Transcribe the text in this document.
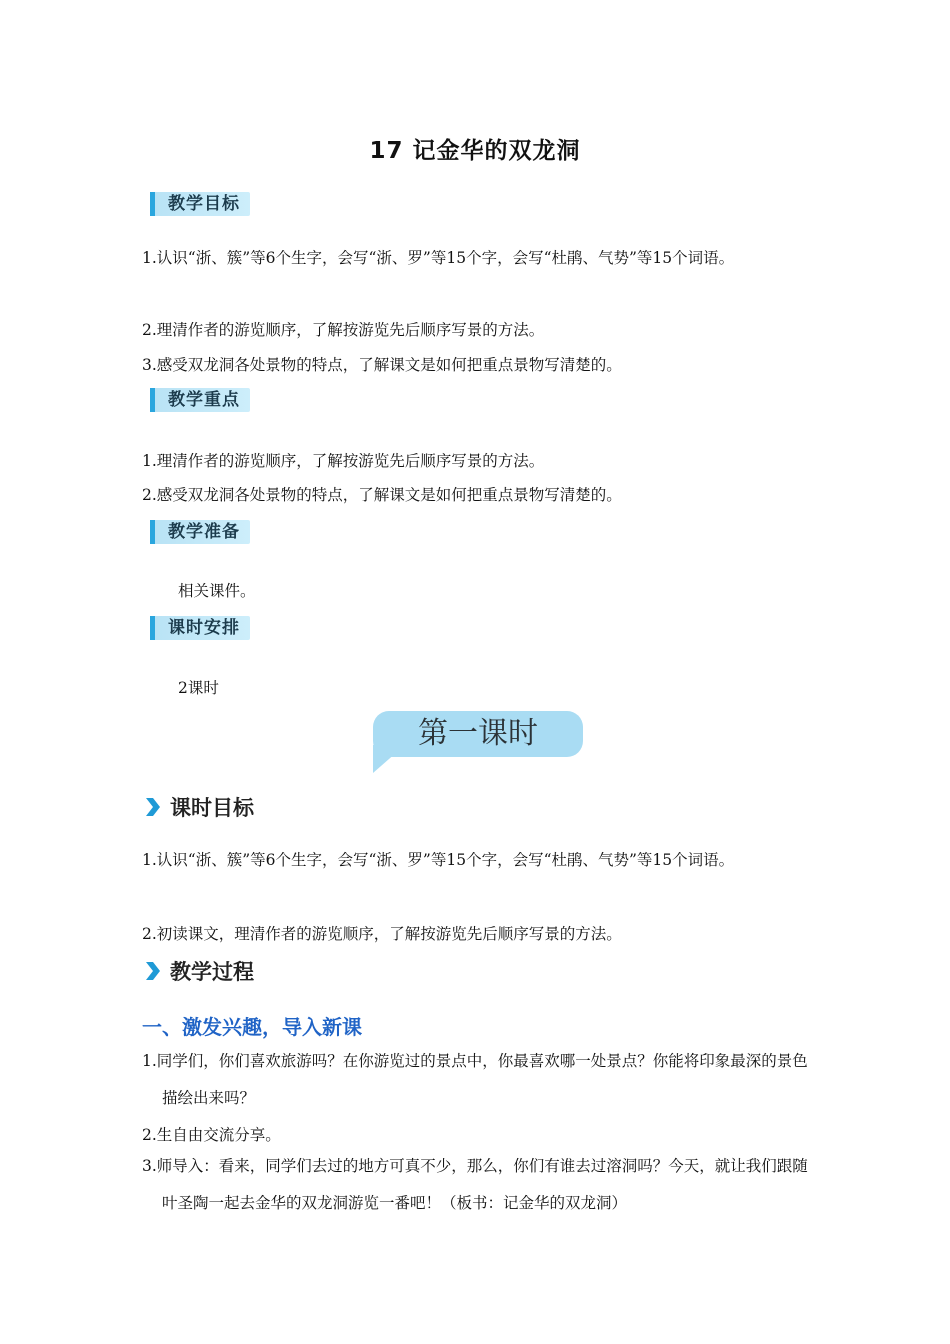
17 记金华的双龙洞
教学目标
1.认识“浙、簇”等6个生字，会写“浙、罗”等15个字，会写“杜鹃、气势”等15个词语。
2.理清作者的游览顺序，了解按游览先后顺序写景的方法。
3.感受双龙洞各处景物的特点，了解课文是如何把重点景物写清楚的。
教学重点
1.理清作者的游览顺序，了解按游览先后顺序写景的方法。
2.感受双龙洞各处景物的特点，了解课文是如何把重点景物写清楚的。
教学准备
相关课件。
课时安排
2课时
第一课时
课时目标
1.认识“浙、簇”等6个生字，会写“浙、罗”等15个字，会写“杜鹃、气势”等15个词语。
2.初读课文，理清作者的游览顺序，了解按游览先后顺序写景的方法。
教学过程
一、激发兴趣，导入新课
1.同学们，你们喜欢旅游吗？在你游览过的景点中，你最喜欢哪一处景点？你能将印象最深的景色描绘出来吗？
2.生自由交流分享。
3.师导入：看来，同学们去过的地方可真不少，那么，你们有谁去过溶洞吗？今天，就让我们跟随叶圣陶一起去金华的双龙洞游览一番吧！（板书：记金华的双龙洞）
